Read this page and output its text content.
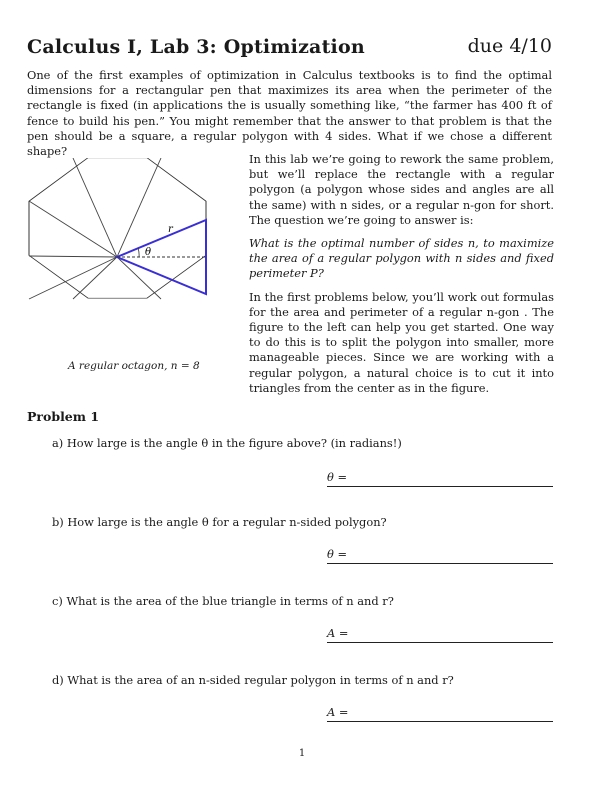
Calculus I, Lab 3: Optimization	due 4/10
One of the first examples of optimization in Calculus textbooks is to find the optimal dimensions for a rectangular pen that maximizes its area when the perimeter of the rectangle is fixed (in applications the is usually something like, “the farmer has 400 ft of fence to build his pen.” You might remember that the answer to that problem is that the pen should be a square, a regular polygon with 4 sides. What if we chose a different shape?
r
θ
A regular octagon, n = 8

In this lab we’re going to rework the same problem, but we’ll replace the rectangle with a regular polygon (a polygon whose sides and angles are all the same) with n sides, or a regular n-gon for short. The question we’re going to answer is:

What is the optimal number of sides n, to maximize the area of a regular polygon with n sides and fixed perimeter P?

In the first problems below, you’ll work out formulas for the area and perimeter of a regular n-gon . The figure to the left can help you get started. One way to do this is to split the polygon into smaller, more manageable pieces. Since we are working with a regular polygon, a natural choice is to cut it into triangles from the center as in the figure.

Problem 1
a) How large is the angle θ in the figure above? (in radians!)
θ =
b) How large is the angle θ for a regular n-sided polygon?
θ =
c) What is the area of the blue triangle in terms of n and r?
A =
d) What is the area of an n-sided regular polygon in terms of n and r?
A =
1
